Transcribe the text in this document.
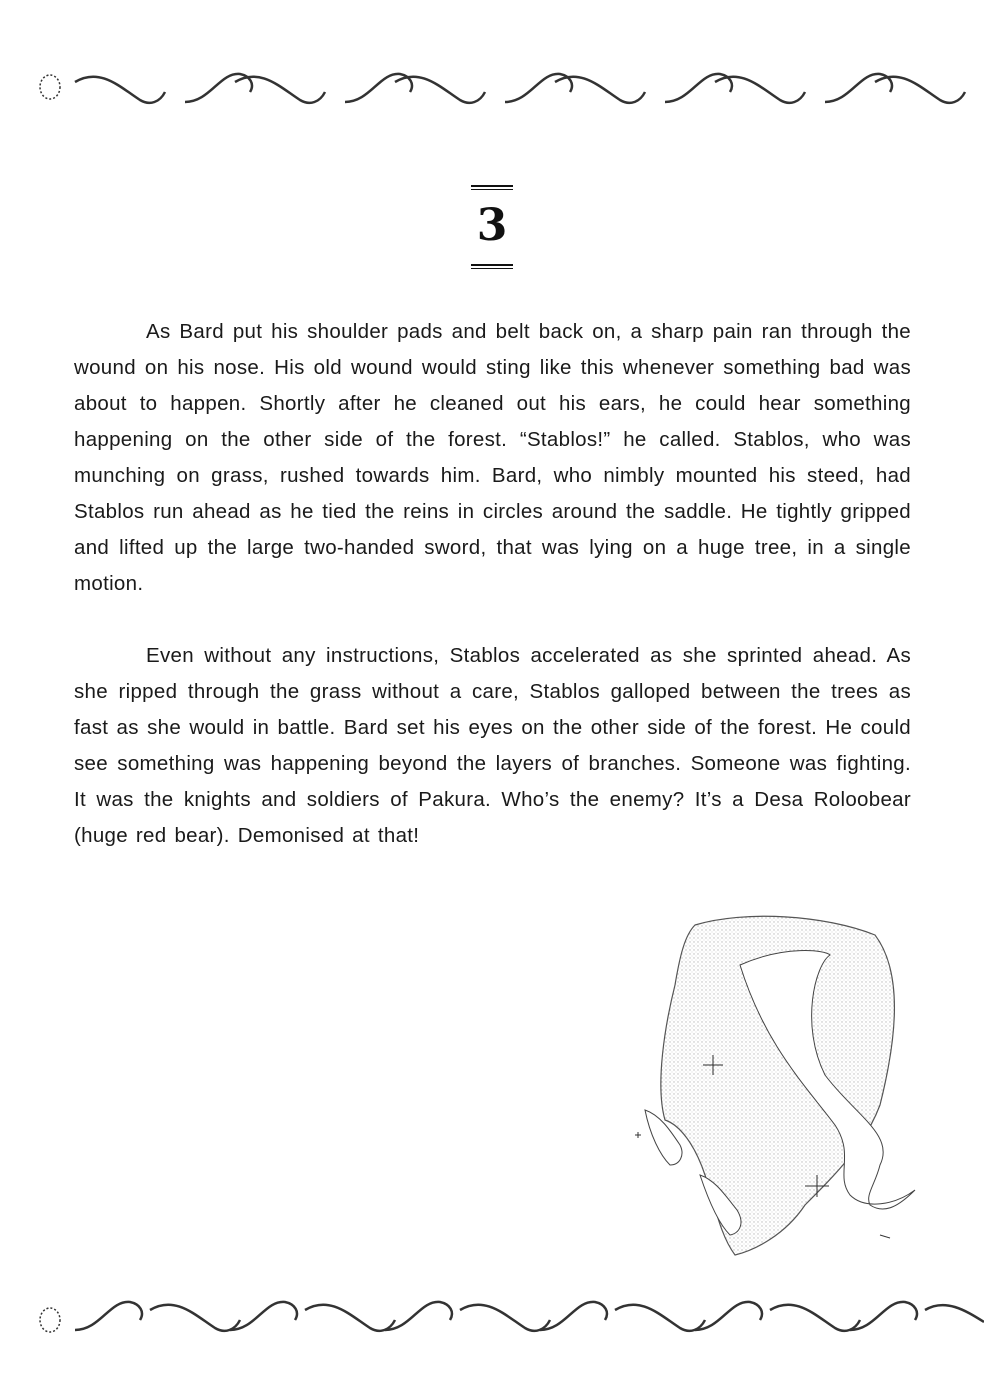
3

As Bard put his shoulder pads and belt back on, a sharp pain ran through the wound on his nose. His old wound would sting like this whenever something bad was about to happen. Shortly after he cleaned out his ears, he could hear something happening on the other side of the forest. “Stablos!” he called. Stablos, who was munching on grass, rushed towards him. Bard, who nimbly mounted his steed, had Stablos run ahead as he tied the reins in circles around the saddle. He tightly gripped and lifted up the large two-handed sword, that was lying on a huge tree, in a single motion.

Even without any instructions, Stablos accelerated as she sprinted ahead. As she ripped through the grass without a care, Stablos galloped between the trees as fast as she would in battle. Bard set his eyes on the other side of the forest. He could see something was happening beyond the layers of branches. Someone was fighting. It was the knights and soldiers of Pakura. Who’s the enemy? It’s a Desa Roloobear (huge red bear). Demonised at that!
